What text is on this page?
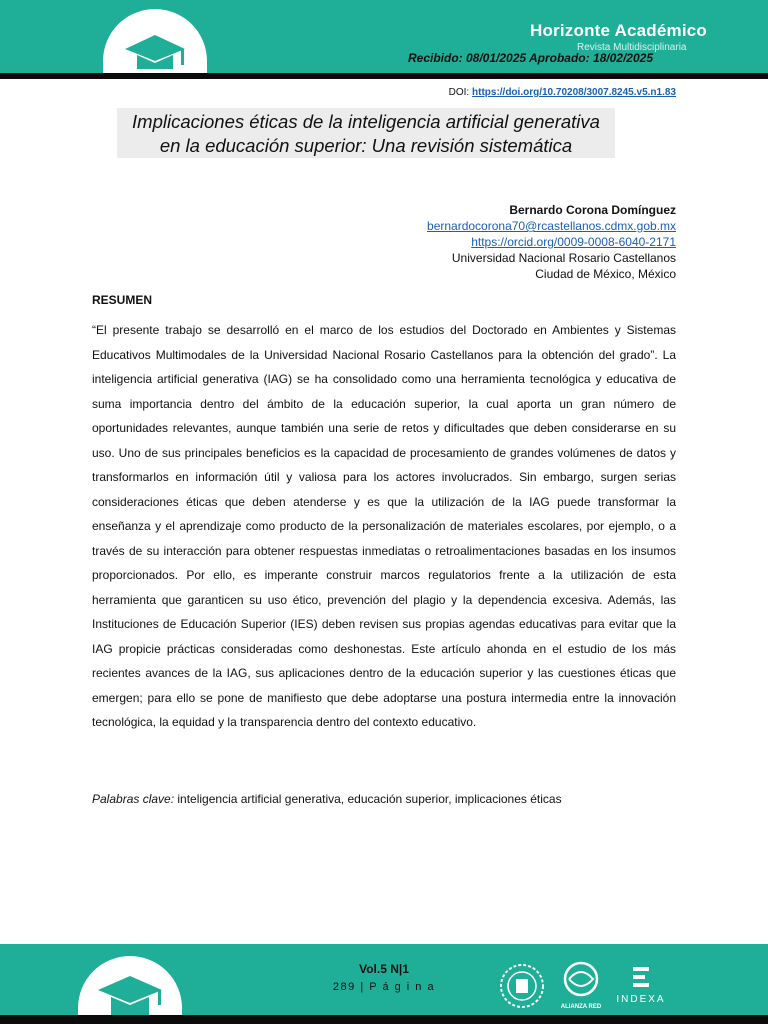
Horizonte Académico
Revista Multidisciplinaria
Recibido: 08/01/2025 Aprobado: 18/02/2025
DOI: https://doi.org/10.70208/3007.8245.v5.n1.83
Implicaciones éticas de la inteligencia artificial generativa
en la educación superior: Una revisión sistemática
Bernardo Corona Domínguez
bernardocorona70@rcastellanos.cdmx.gob.mx
https://orcid.org/0009-0008-6040-2171
Universidad Nacional Rosario Castellanos
Ciudad de México, México
RESUMEN

“El presente trabajo se desarrolló en el marco de los estudios del Doctorado en Ambientes y Sistemas Educativos Multimodales de la Universidad Nacional Rosario Castellanos para la obtención del grado”. La inteligencia artificial generativa (IAG) se ha consolidado como una herramienta tecnológica y educativa de suma importancia dentro del ámbito de la educación superior, la cual aporta un gran número de oportunidades relevantes, aunque también una serie de retos y dificultades que deben considerarse en su uso. Uno de sus principales beneficios es la capacidad de procesamiento de grandes volúmenes de datos y transformarlos en información útil y valiosa para los actores involucrados. Sin embargo, surgen serias consideraciones éticas que deben atenderse y es que la utilización de la IAG puede transformar la enseñanza y el aprendizaje como producto de la personalización de materiales escolares, por ejemplo, o a través de su interacción para obtener respuestas inmediatas o retroalimentaciones basadas en los insumos proporcionados. Por ello, es imperante construir marcos regulatorios frente a la utilización de esta herramienta que garanticen su uso ético, prevención del plagio y la dependencia excesiva. Además, las Instituciones de Educación Superior (IES) deben revisen sus propias agendas educativas para evitar que la IAG propicie prácticas consideradas como deshonestas. Este artículo ahonda en el estudio de los más recientes avances de la IAG, sus aplicaciones dentro de la educación superior y las cuestiones éticas que emergen; para ello se pone de manifiesto que debe adoptarse una postura intermedia entre la innovación tecnológica, la equidad y la transparencia dentro del contexto educativo.

Palabras clave: inteligencia artificial generativa, educación superior, implicaciones éticas
Vol.5 N|1
289 | P á g i n a
ALIANZA RED
INDEXA
